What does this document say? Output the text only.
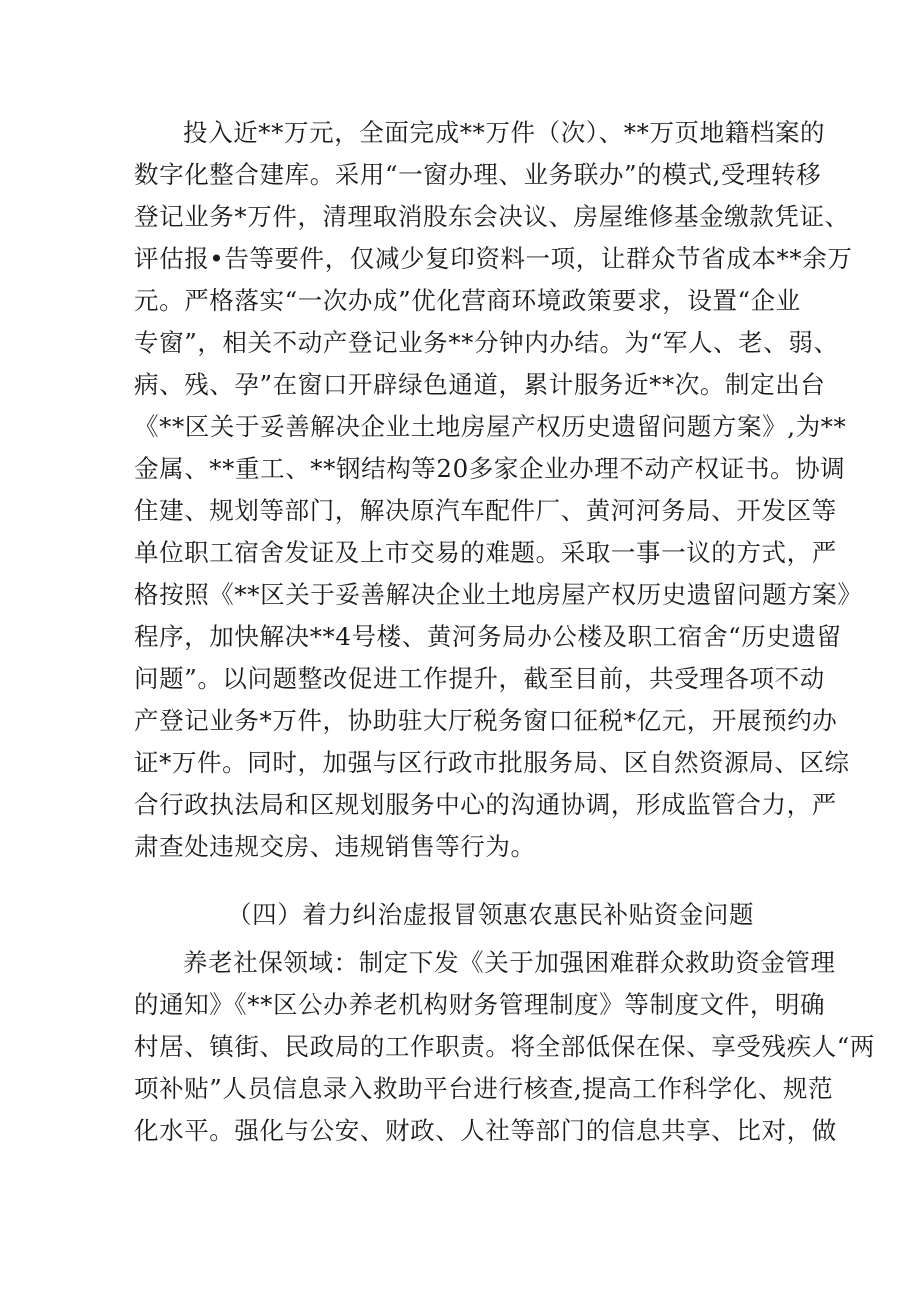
投入近**万元，全面完成**万件（次）、**万页地籍档案的
数字化整合建库。采用“一窗办理、业务联办”的模式,受理转移
登记业务*万件，清理取消股东会决议、房屋维修基金缴款凭证、
评估报•告等要件，仅减少复印资料一项，让群众节省成本**余万
元。严格落实“一次办成”优化营商环境政策要求，设置“企业
专窗”，相关不动产登记业务**分钟内办结。为“军人、老、弱、
病、残、孕”在窗口开辟绿色通道，累计服务近**次。制定出台
《**区关于妥善解决企业土地房屋产权历史遗留问题方案》,为**
金属、**重工、**钢结构等20多家企业办理不动产权证书。协调
住建、规划等部门，解决原汽车配件厂、黄河河务局、开发区等
单位职工宿舍发证及上市交易的难题。采取一事一议的方式，严
格按照《**区关于妥善解决企业土地房屋产权历史遗留问题方案》
程序，加快解决**4号楼、黄河务局办公楼及职工宿舍“历史遗留
问题”。以问题整改促进工作提升，截至目前，共受理各项不动
产登记业务*万件，协助驻大厅税务窗口征税*亿元，开展预约办
证*万件。同时，加强与区行政市批服务局、区自然资源局、区综
合行政执法局和区规划服务中心的沟通协调，形成监管合力，严
肃查处违规交房、违规销售等行为。
（四）着力纠治虚报冒领惠农惠民补贴资金问题
养老社保领域：制定下发《关于加强困难群众救助资金管理
的通知》《**区公办养老机构财务管理制度》等制度文件，明确
村居、镇街、民政局的工作职责。将全部低保在保、享受残疾人“两
项补贴”人员信息录入救助平台进行核查,提高工作科学化、规范
化水平。强化与公安、财政、人社等部门的信息共享、比对，做
